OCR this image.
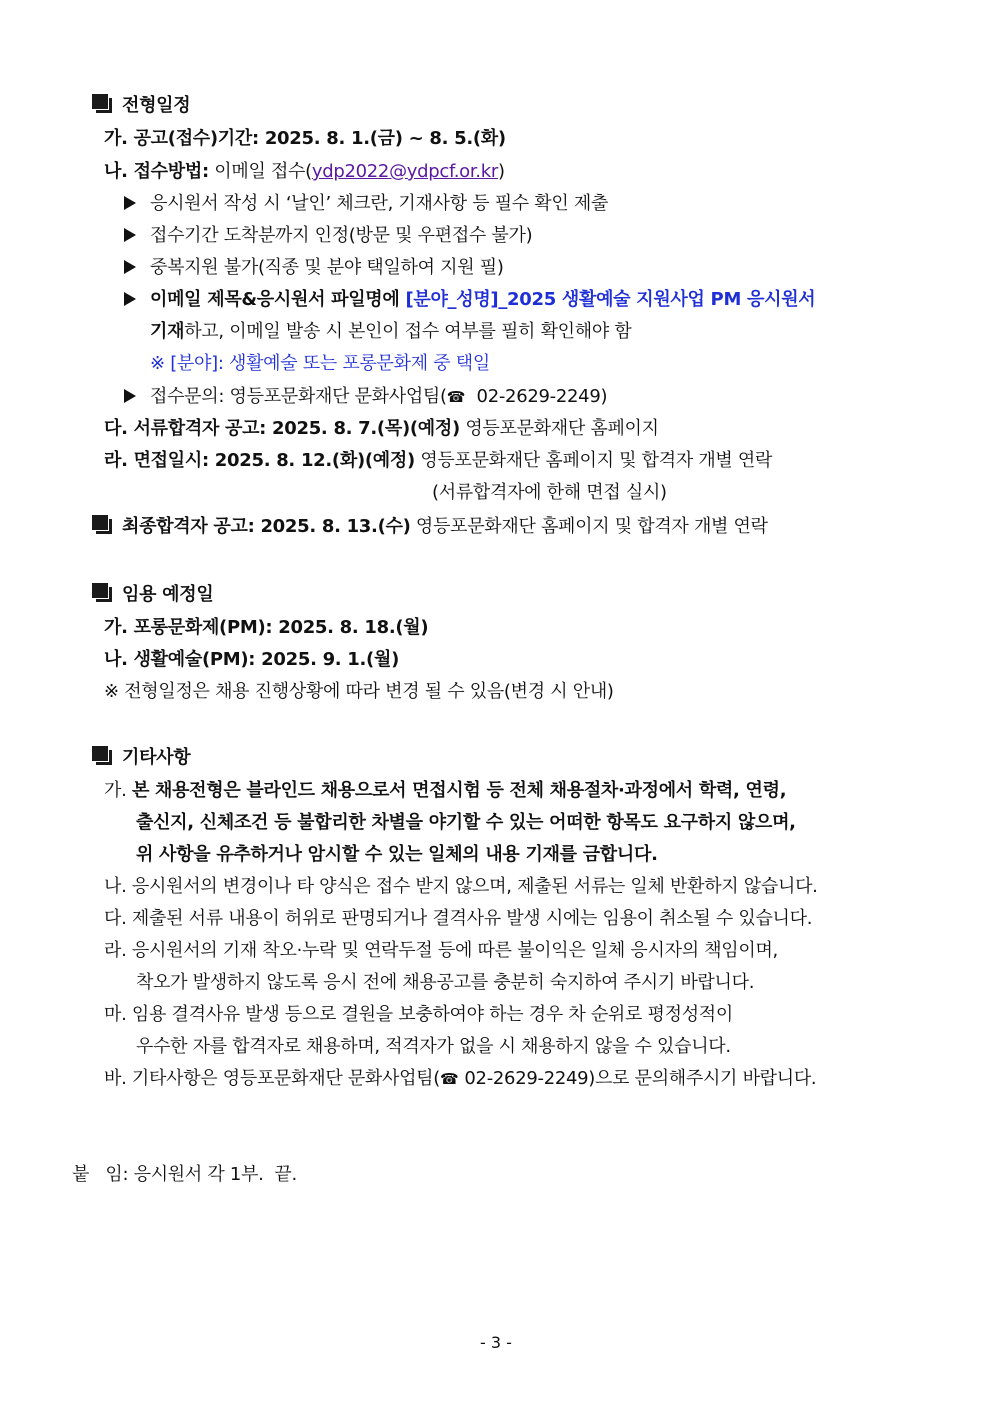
전형일정
가. 공고(접수)기간: 2025. 8. 1.(금) ~ 8. 5.(화)
나. 접수방법: 이메일 접수(ydp2022@ydpcf.or.kr)
응시원서 작성 시 ‘날인’ 체크란, 기재사항 등 필수 확인 제출
접수기간 도착분까지 인정(방문 및 우편접수 불가)
중복지원 불가(직종 및 분야 택일하여 지원 필)
이메일 제목&응시원서 파일명에 [분야_성명]_2025 생활예술 지원사업 PM 응시원서
기재하고, 이메일 발송 시 본인이 접수 여부를 필히 확인해야 함
※ [분야]: 생활예술 또는 포롱문화제 중 택일
접수문의: 영등포문화재단 문화사업팀(☎ 02-2629-2249)
다. 서류합격자 공고: 2025. 8. 7.(목)(예정) 영등포문화재단 홈페이지
라. 면접일시: 2025. 8. 12.(화)(예정) 영등포문화재단 홈페이지 및 합격자 개별 연락
(서류합격자에 한해 면접 실시)
최종합격자 공고: 2025. 8. 13.(수) 영등포문화재단 홈페이지 및 합격자 개별 연락
임용 예정일
가. 포롱문화제(PM): 2025. 8. 18.(월)
나. 생활예술(PM): 2025. 9. 1.(월)
※ 전형일정은 채용 진행상황에 따라 변경 될 수 있음(변경 시 안내)
기타사항
가. 본 채용전형은 블라인드 채용으로서 면접시험 등 전체 채용절차·과정에서 학력, 연령,
출신지, 신체조건 등 불합리한 차별을 야기할 수 있는 어떠한 항목도 요구하지 않으며,
위 사항을 유추하거나 암시할 수 있는 일체의 내용 기재를 금합니다.
나. 응시원서의 변경이나 타 양식은 접수 받지 않으며, 제출된 서류는 일체 반환하지 않습니다.
다. 제출된 서류 내용이 허위로 판명되거나 결격사유 발생 시에는 임용이 취소될 수 있습니다.
라. 응시원서의 기재 착오·누락 및 연락두절 등에 따른 불이익은 일체 응시자의 책임이며,
착오가 발생하지 않도록 응시 전에 채용공고를 충분히 숙지하여 주시기 바랍니다.
마. 임용 결격사유 발생 등으로 결원을 보충하여야 하는 경우 차 순위로 평정성적이
우수한 자를 합격자로 채용하며, 적격자가 없을 시 채용하지 않을 수 있습니다.
바. 기타사항은 영등포문화재단 문화사업팀(☎ 02-2629-2249)으로 문의해주시기 바랍니다.
붙   임: 응시원서 각 1부.  끝.
- 3 -
